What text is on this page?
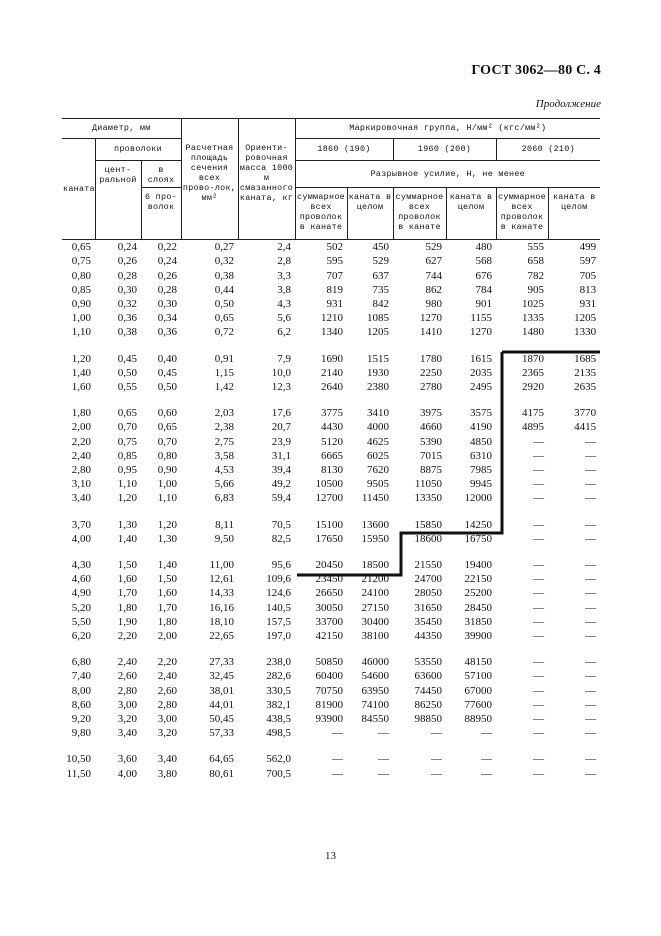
ГОСТ 3062—80 С. 4
Продолжение
Диаметр, мм			Расчетная площадь сечения всех прово-лок, мм²	Ориенти-ровочная масса 1000 м смазанного каната, кг	Маркировочная группа, Н/мм² (кгс/мм²)					
каната	проволоки				1860 (190)		1960 (200)		2060 (210)	
	цент-ральной	в слоях			Разрывное усилие, Н, не менее					
		6 про-волок			суммарное всех проволок в канате	каната в целом	суммарное всех проволок в канате	каната в целом	суммарное всех проволок в канате	каната в целом
0,65	0,24	0,22	0,27	2,4	502	450	529	480	555	499
0,75	0,26	0,24	0,32	2,8	595	529	627	568	658	597
0,80	0,28	0,26	0,38	3,3	707	637	744	676	782	705
0,85	0,30	0,28	0,44	3,8	819	735	862	784	905	813
0,90	0,32	0,30	0,50	4,3	931	842	980	901	1025	931
1,00	0,36	0,34	0,65	5,6	1210	1085	1270	1155	1335	1205
1,10	0,38	0,36	0,72	6,2	1340	1205	1410	1270	1480	1330

1,20	0,45	0,40	0,91	7,9	1690	1515	1780	1615	1870	1685
1,40	0,50	0,45	1,15	10,0	2140	1930	2250	2035	2365	2135
1,60	0,55	0,50	1,42	12,3	2640	2380	2780	2495	2920	2635

1,80	0,65	0,60	2,03	17,6	3775	3410	3975	3575	4175	3770
2,00	0,70	0,65	2,38	20,7	4430	4000	4660	4190	4895	4415
2,20	0,75	0,70	2,75	23,9	5120	4625	5390	4850	—	—
2,40	0,85	0,80	3,58	31,1	6665	6025	7015	6310	—	—
2,80	0,95	0,90	4,53	39,4	8130	7620	8875	7985	—	—
3,10	1,10	1,00	5,66	49,2	10500	9505	11050	9945	—	—
3,40	1,20	1,10	6,83	59,4	12700	11450	13350	12000	—	—

3,70	1,30	1,20	8,11	70,5	15100	13600	15850	14250	—	—
4,00	1,40	1,30	9,50	82,5	17650	15950	18600	16750	—	—

4,30	1,50	1,40	11,00	95,6	20450	18500	21550	19400	—	—
4,60	1,60	1,50	12,61	109,6	23450	21200	24700	22150	—	—
4,90	1,70	1,60	14,33	124,6	26650	24100	28050	25200	—	—
5,20	1,80	1,70	16,16	140,5	30050	27150	31650	28450	—	—
5,50	1,90	1,80	18,10	157,5	33700	30400	35450	31850	—	—
6,20	2,20	2,00	22,65	197,0	42150	38100	44350	39900	—	—

6,80	2,40	2,20	27,33	238,0	50850	46000	53550	48150	—	—
7,40	2,60	2,40	32,45	282,6	60400	54600	63600	57100	—	—
8,00	2,80	2,60	38,01	330,5	70750	63950	74450	67000	—	—
8,60	3,00	2,80	44,01	382,1	81900	74100	86250	77600	—	—
9,20	3,20	3,00	50,45	438,5	93900	84550	98850	88950	—	—
9,80	3,40	3,20	57,33	498,5	—	—	—	—	—	—

10,50	3,60	3,40	64,65	562,0	—	—	—	—	—	—
11,50	4,00	3,80	80,61	700,5	—	—	—	—	—	—
13
